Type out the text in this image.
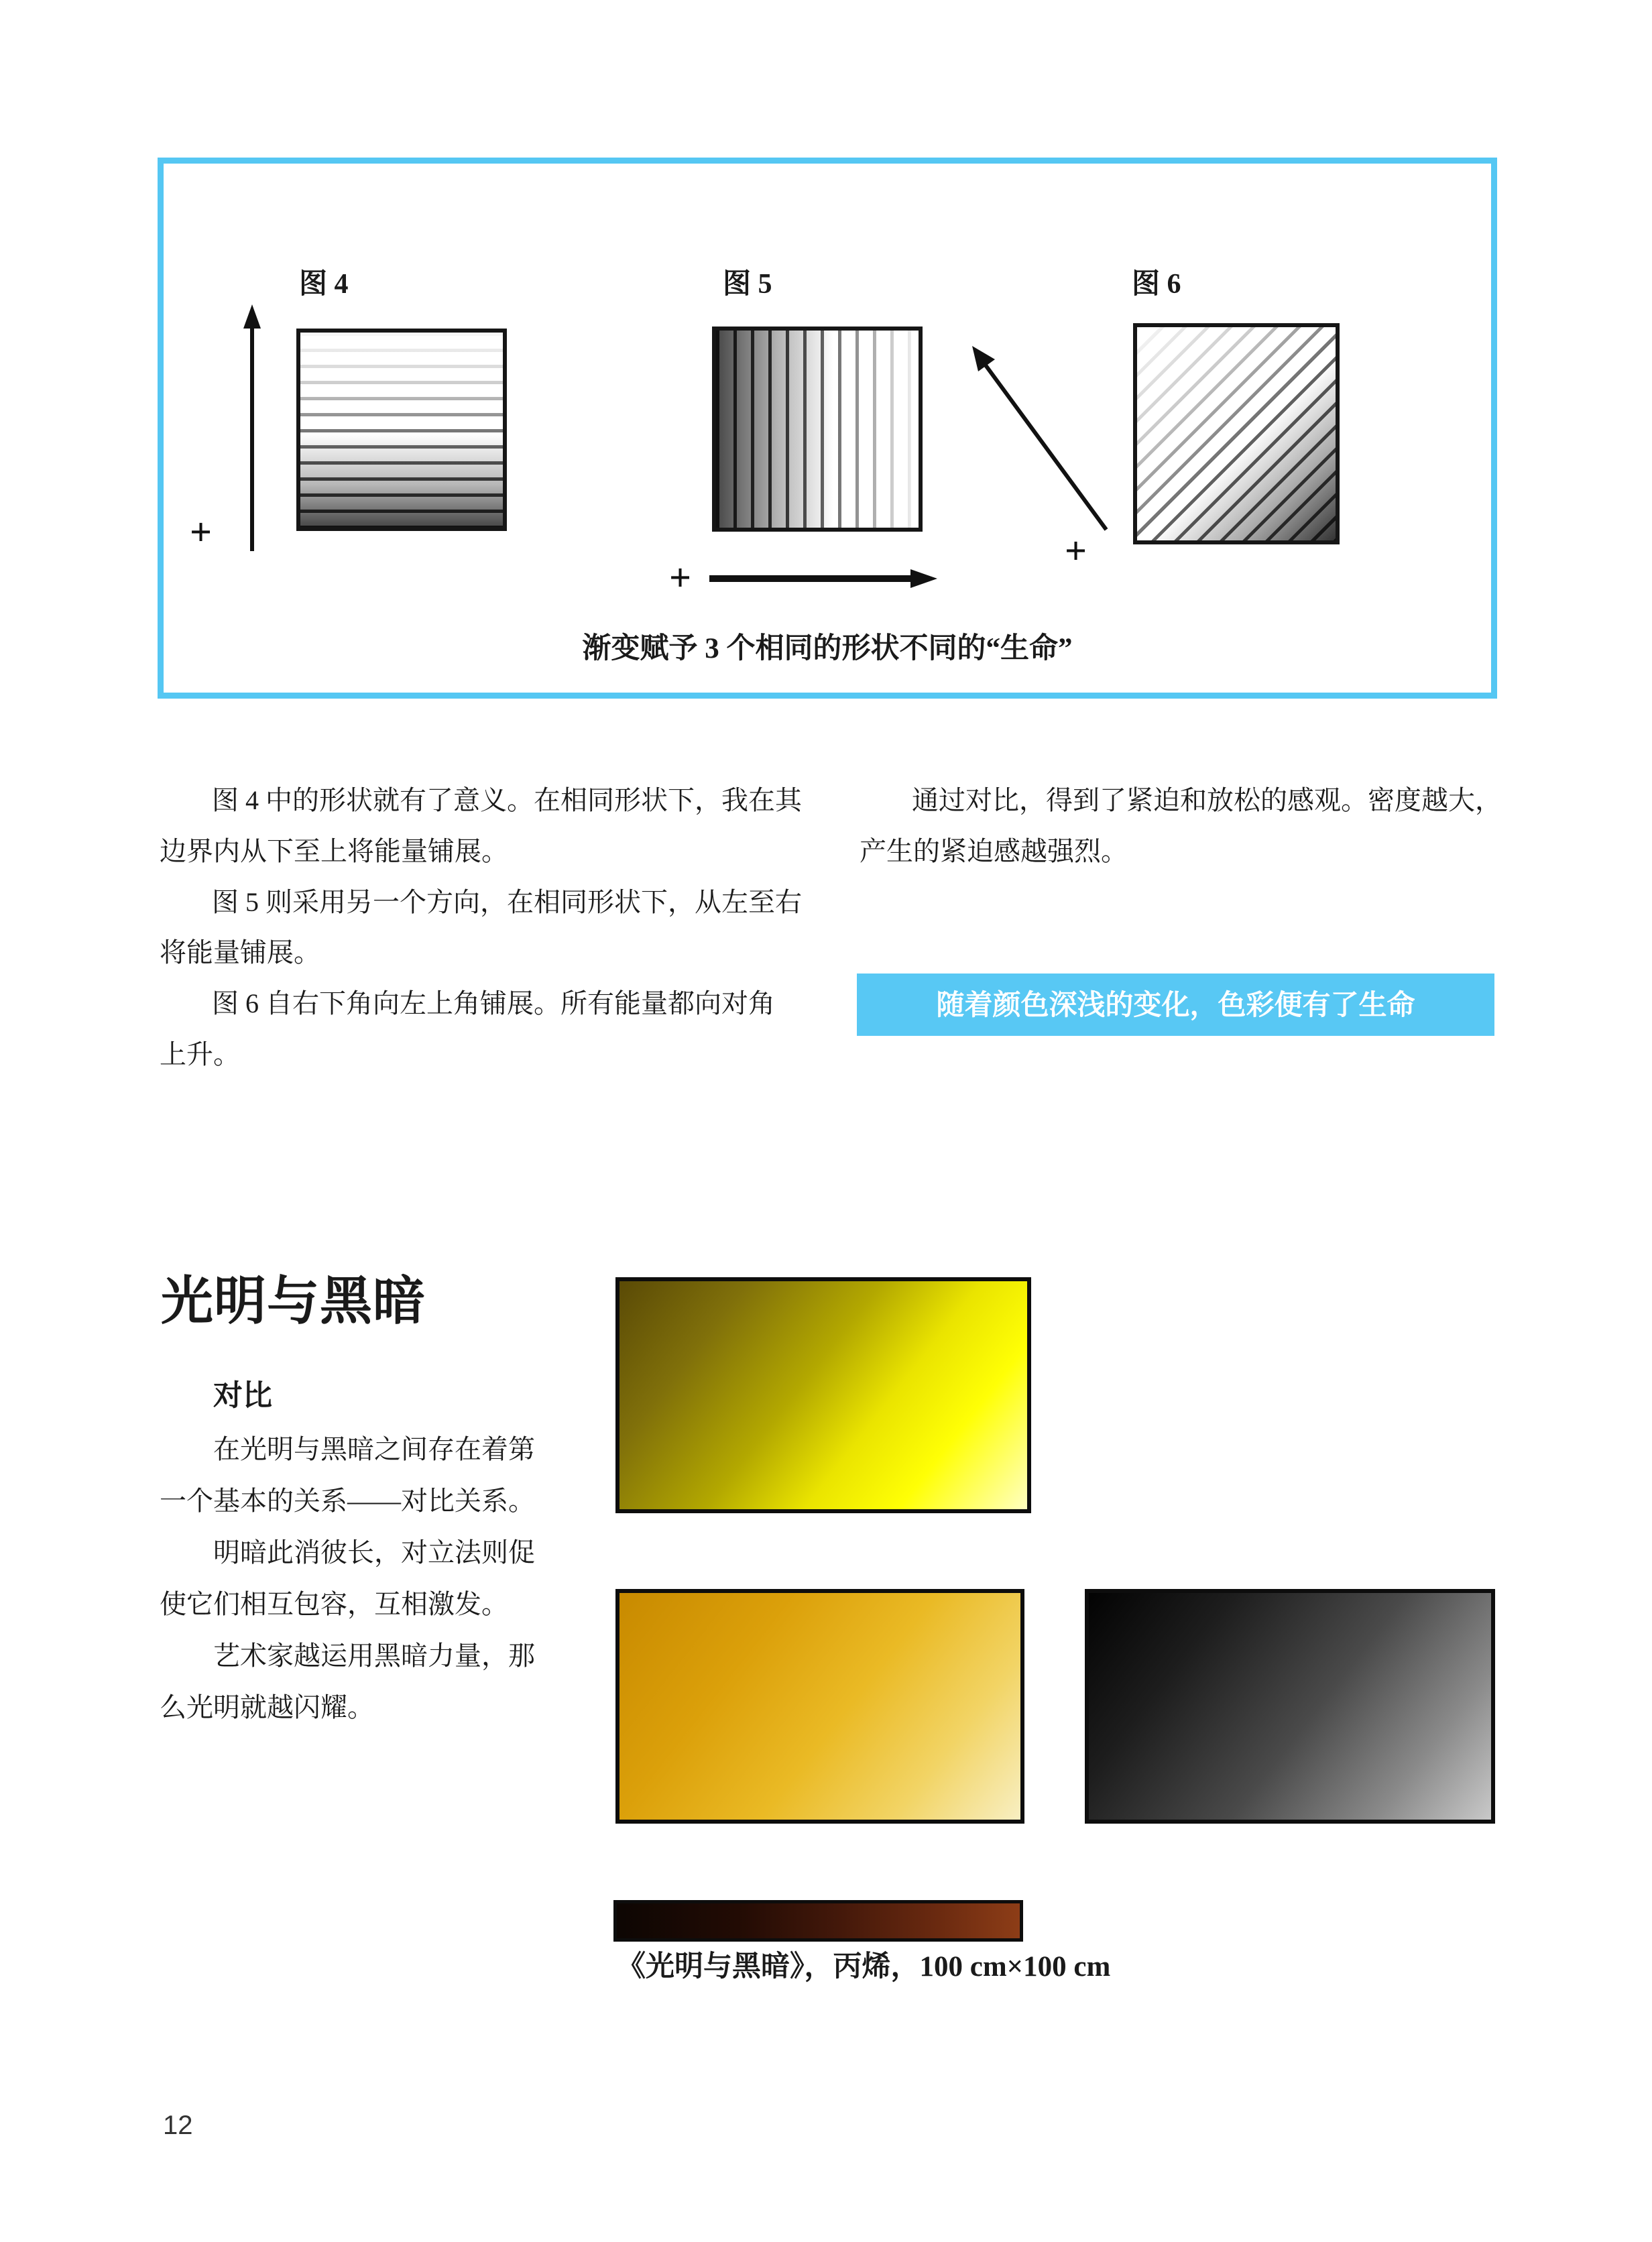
图 4	图 5	图 6
+
+
+
渐变赋予 3 个相同的形状不同的“生命”
图 4 中的形状就有了意义。在相同形状下，我在其
边界内从下至上将能量铺展。
图 5 则采用另一个方向，在相同形状下，从左至右
将能量铺展。
图 6 自右下角向左上角铺展。所有能量都向对角
上升。
通过对比，得到了紧迫和放松的感观。密度越大，
产生的紧迫感越强烈。
随着颜色深浅的变化，色彩便有了生命
光明与黑暗
对比
在光明与黑暗之间存在着第
一个基本的关系——对比关系。
明暗此消彼长，对立法则促
使它们相互包容，互相激发。
艺术家越运用黑暗力量，那
么光明就越闪耀。
《光明与黑暗》，丙烯，100 cm×100 cm
12
